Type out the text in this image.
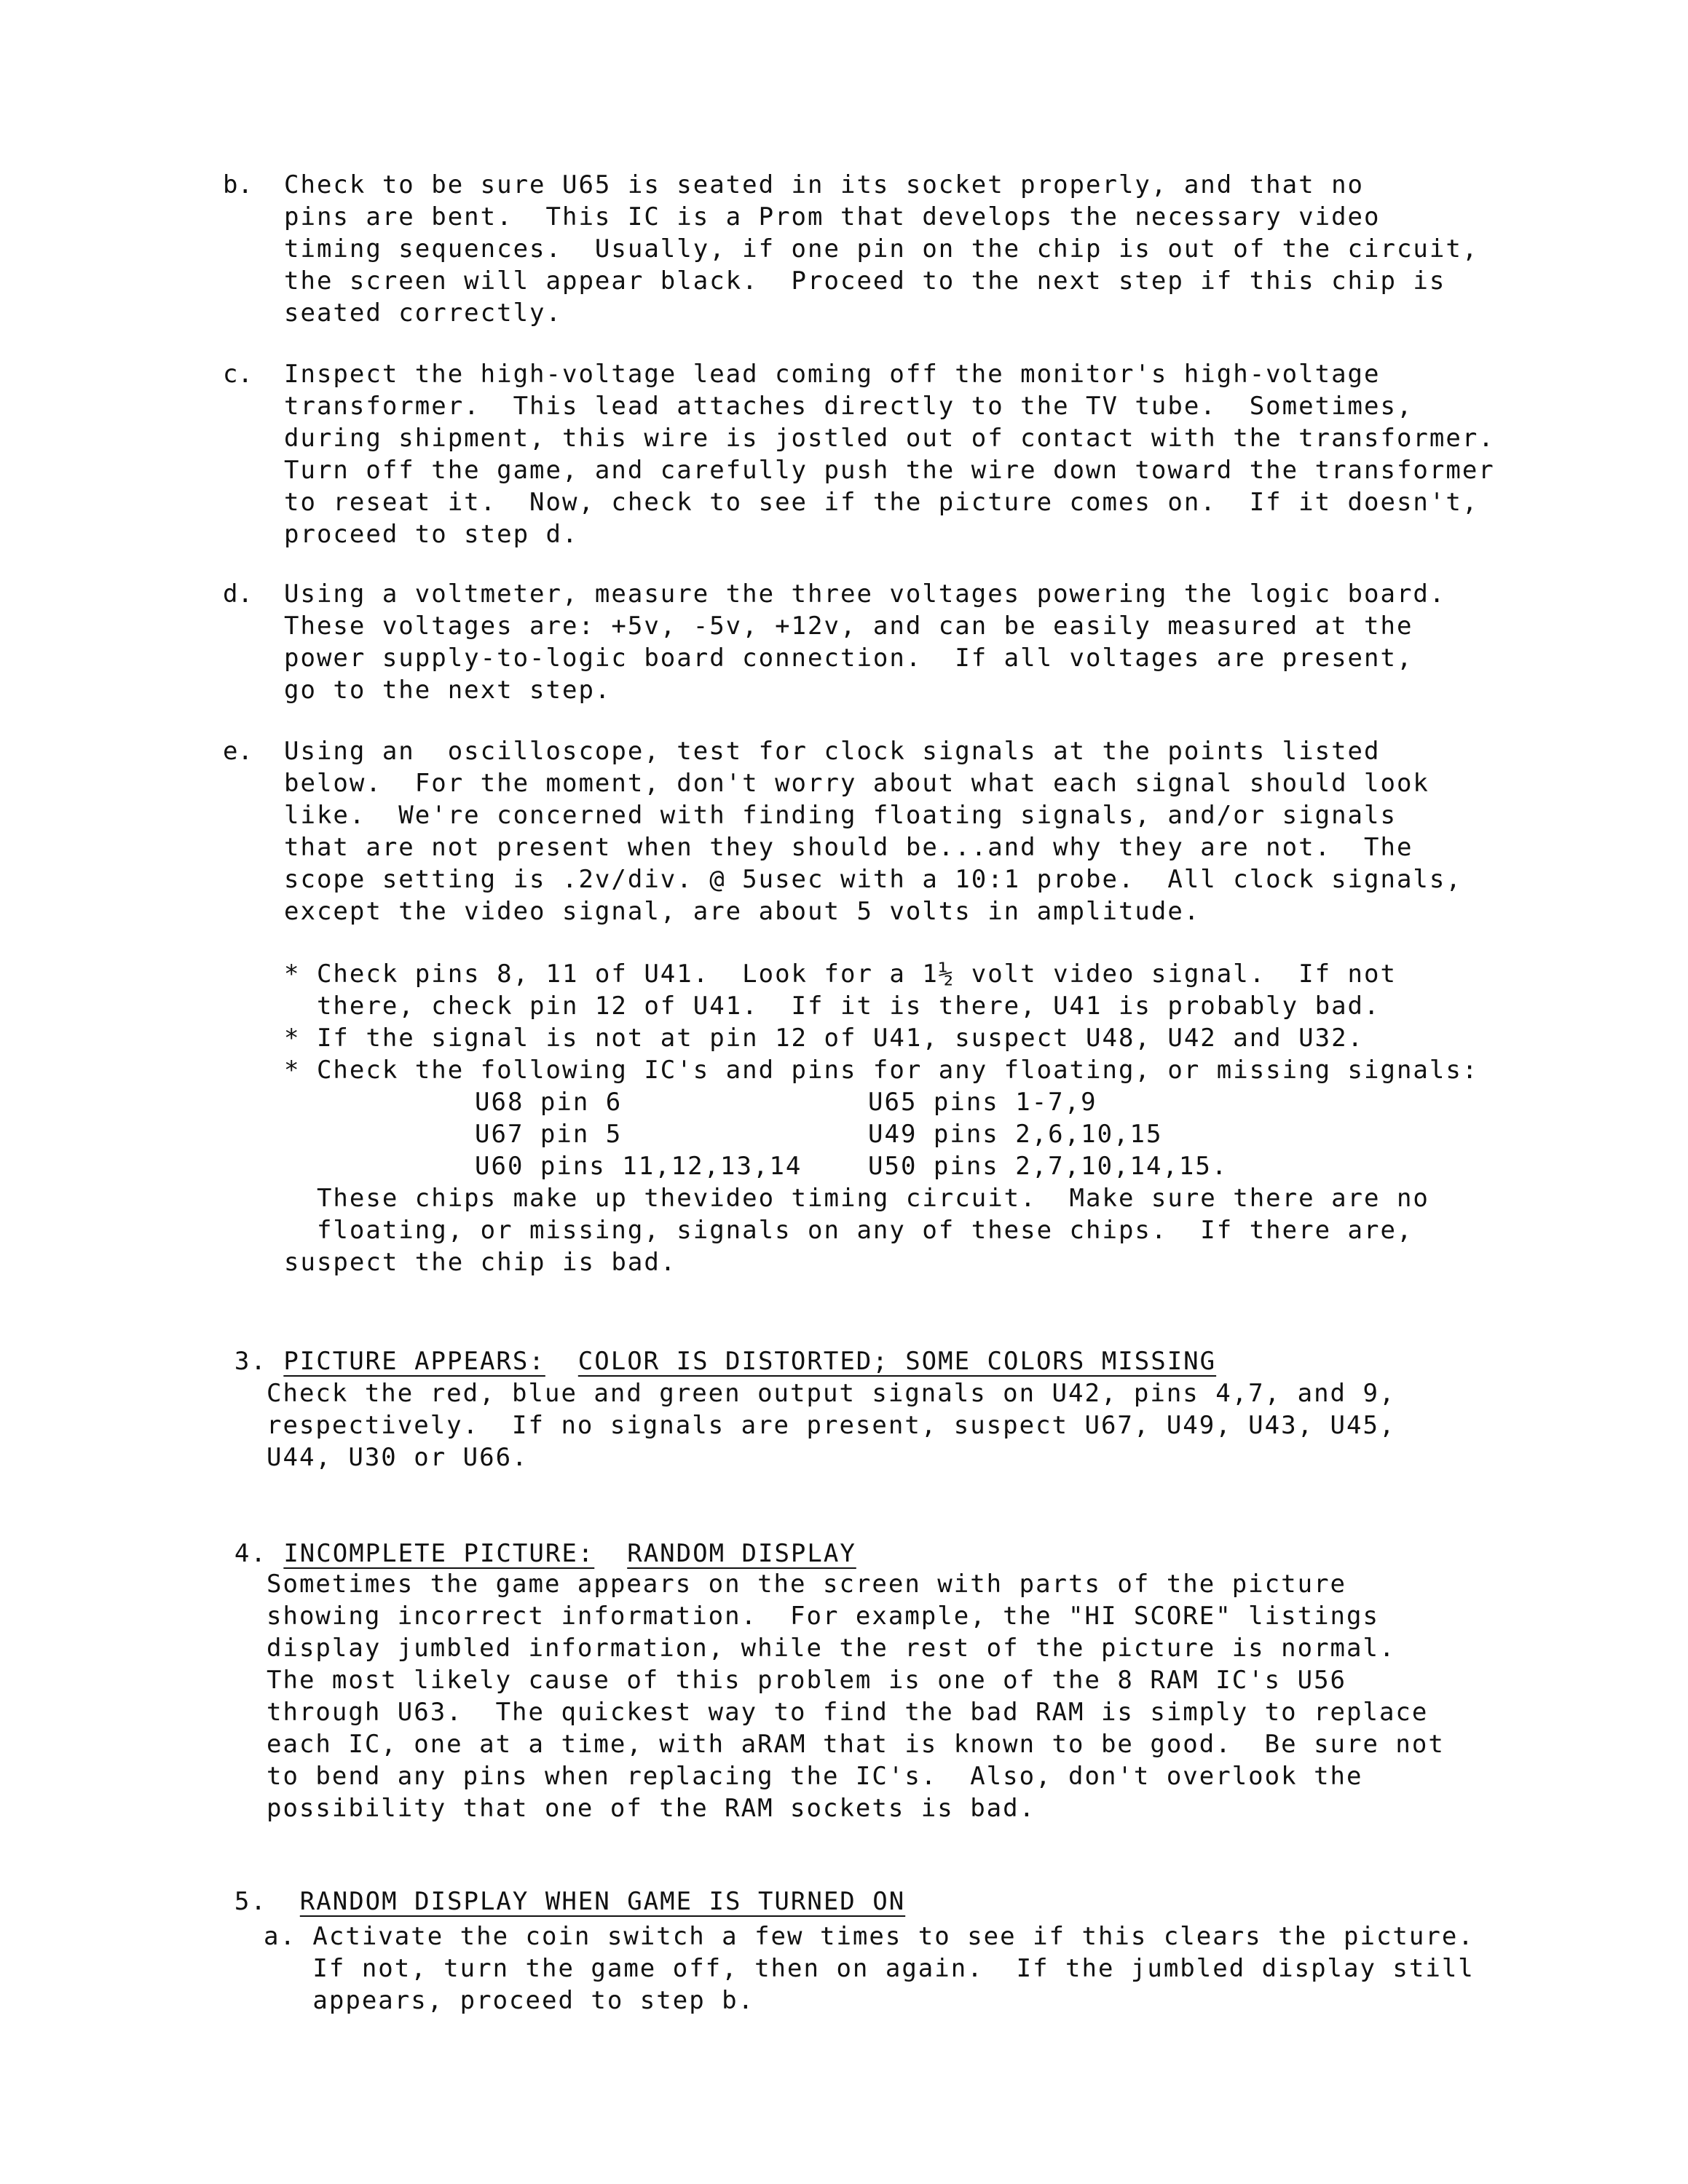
b. Check to be sure U65 is seated in its socket properly, and that no
pins are bent.  This IC is a Prom that develops the necessary video
timing sequences.  Usually, if one pin on the chip is out of the circuit,
the screen will appear black.  Proceed to the next step if this chip is
seated correctly.
c. Inspect the high-voltage lead coming off the monitor's high-voltage
transformer.  This lead attaches directly to the TV tube.  Sometimes,
during shipment, this wire is jostled out of contact with the transformer.
Turn off the game, and carefully push the wire down toward the transformer
to reseat it.  Now, check to see if the picture comes on.  If it doesn't,
proceed to step d.
d. Using a voltmeter, measure the three voltages powering the logic board.
These voltages are: +5v, -5v, +12v, and can be easily measured at the
power supply-to-logic board connection.  If all voltages are present,
go to the next step.
e. Using an  oscilloscope, test for clock signals at the points listed
below.  For the moment, don't worry about what each signal should look
like.  We're concerned with finding floating signals, and/or signals
that are not present when they should be...and why they are not.  The
scope setting is .2v/div. @ 5usec with a 10:1 probe.  All clock signals,
except the video signal, are about 5 volts in amplitude.
* Check pins 8, 11 of U41.  Look for a 1½ volt video signal.  If not
there, check pin 12 of U41.  If it is there, U41 is probably bad.
* If the signal is not at pin 12 of U41, suspect U48, U42 and U32.
* Check the following IC's and pins for any floating, or missing signals:
U68 pin 6	U65 pins 1-7,9
U67 pin 5	U49 pins 2,6,10,15
U60 pins 11,12,13,14	U50 pins 2,7,10,14,15.
These chips make up thevideo timing circuit.  Make sure there are no
floating, or missing, signals on any of these chips.  If there are,
suspect the chip is bad.

3. PICTURE APPEARS: COLOR IS DISTORTED; SOME COLORS MISSING

Check the red, blue and green output signals on U42, pins 4,7, and 9,
respectively.  If no signals are present, suspect U67, U49, U43, U45,
U44, U30 or U66.

4. INCOMPLETE PICTURE: RANDOM DISPLAY

Sometimes the game appears on the screen with parts of the picture
showing incorrect information.  For example, the "HI SCORE" listings
display jumbled information, while the rest of the picture is normal.
The most likely cause of this problem is one of the 8 RAM IC's U56
through U63.  The quickest way to find the bad RAM is simply to replace
each IC, one at a time, with aRAM that is known to be good.  Be sure not
to bend any pins when replacing the IC's.  Also, don't overlook the
possibility that one of the RAM sockets is bad.

5. RANDOM DISPLAY WHEN GAME IS TURNED ON

a. Activate the coin switch a few times to see if this clears the picture.
If not, turn the game off, then on again.  If the jumbled display still
appears, proceed to step b.
